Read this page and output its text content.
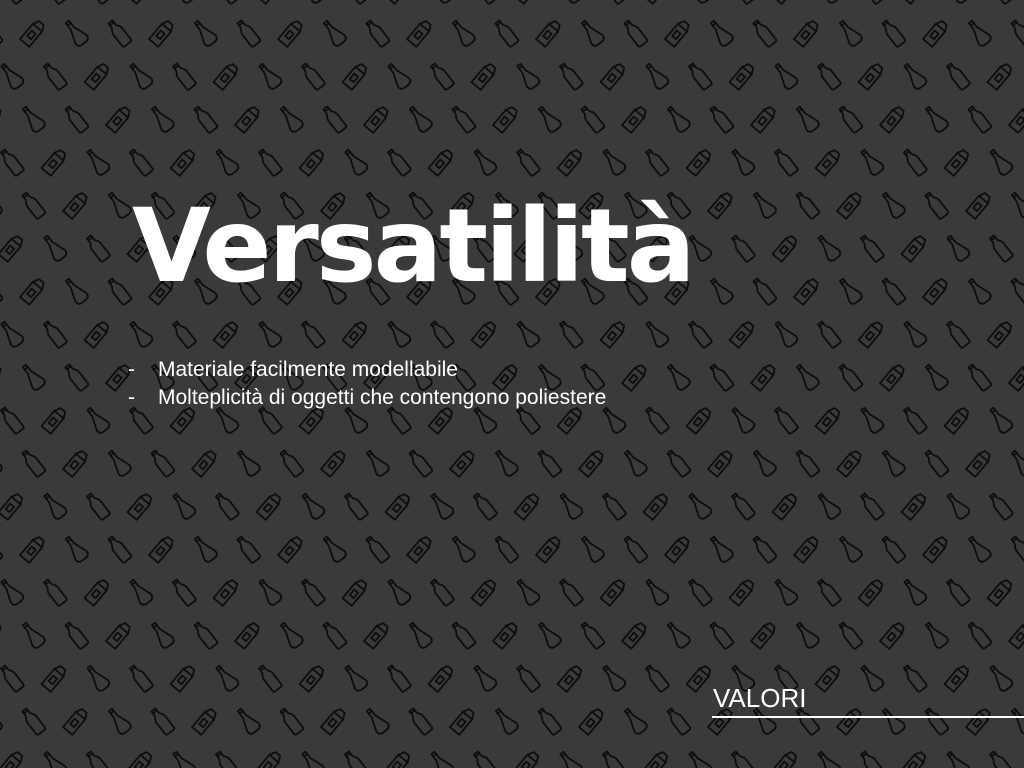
Versatilità
-	Materiale facilmente modellabile
-	Molteplicità di oggetti che contengono poliestere
VALORI
